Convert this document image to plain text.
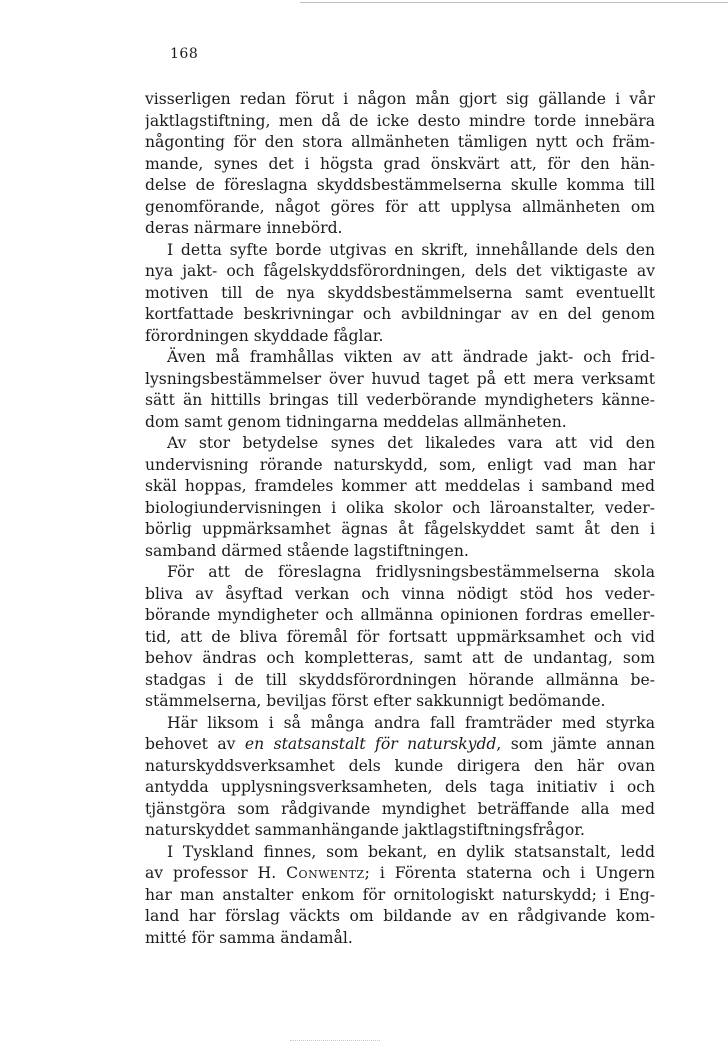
168
visserligen redan förut i någon mån gjort sig gällande i vår
jaktlagstiftning, men då de icke desto mindre torde innebära
någonting för den stora allmänheten tämligen nytt och främ-
mande, synes det i högsta grad önskvärt att, för den hän-
delse de föreslagna skyddsbestämmelserna skulle komma till
genomförande, något göres för att upplysa allmänheten om
deras närmare innebörd.
I detta syfte borde utgivas en skrift, innehållande dels den
nya jakt- och fågelskyddsförordningen, dels det viktigaste av
motiven till de nya skyddsbestämmelserna samt eventuellt
kortfattade beskrivningar och avbildningar av en del genom
förordningen skyddade fåglar.
Även må framhållas vikten av att ändrade jakt- och frid-
lysningsbestämmelser över huvud taget på ett mera verksamt
sätt än hittills bringas till vederbörande myndigheters känne-
dom samt genom tidningarna meddelas allmänheten.
Av stor betydelse synes det likaledes vara att vid den
undervisning rörande naturskydd, som, enligt vad man har
skäl hoppas, framdeles kommer att meddelas i samband med
biologiundervisningen i olika skolor och läroanstalter, veder-
börlig uppmärksamhet ägnas åt fågelskyddet samt åt den i
samband därmed stående lagstiftningen.
För att de föreslagna fridlysningsbestämmelserna skola
bliva av åsyftad verkan och vinna nödigt stöd hos veder-
börande myndigheter och allmänna opinionen fordras emeller-
tid, att de bliva föremål för fortsatt uppmärksamhet och vid
behov ändras och kompletteras, samt att de undantag, som
stadgas i de till skyddsförordningen hörande allmänna be-
stämmelserna, beviljas först efter sakkunnigt bedömande.
Här liksom i så många andra fall framträder med styrka
behovet av en statsanstalt för naturskydd, som jämte annan
naturskyddsverksamhet dels kunde dirigera den här ovan
antydda upplysningsverksamheten, dels taga initiativ i och
tjänstgöra som rådgivande myndighet beträffande alla med
naturskyddet sammanhängande jaktlagstiftningsfrågor.
I Tyskland finnes, som bekant, en dylik statsanstalt, ledd
av professor H. Conwentz; i Förenta staterna och i Ungern
har man anstalter enkom för ornitologiskt naturskydd; i Eng-
land har förslag väckts om bildande av en rådgivande kom-
mitté för samma ändamål.
